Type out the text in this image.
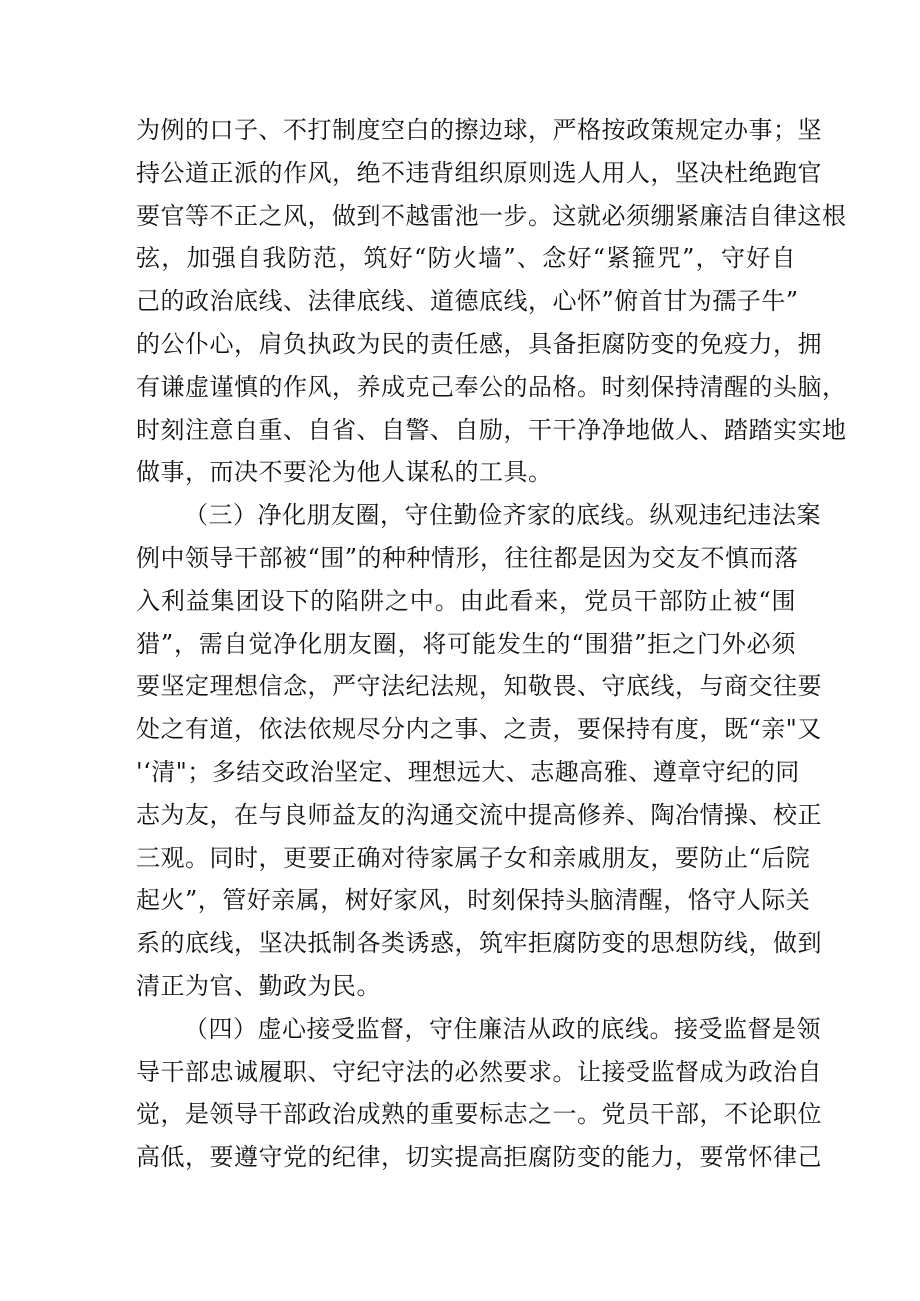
为例的口子、不打制度空白的擦边球，严格按政策规定办事；坚
持公道正派的作风，绝不违背组织原则选人用人，坚决杜绝跑官
要官等不正之风，做到不越雷池一步。这就必须绷紧廉洁自律这根
弦，加强自我防范，筑好“防火墙”、念好“紧箍咒”，守好自
己的政治底线、法律底线、道德底线，心怀”俯首甘为孺子牛”
的公仆心，肩负执政为民的责任感，具备拒腐防变的免疫力，拥
有谦虚谨慎的作风，养成克己奉公的品格。时刻保持清醒的头脑，
时刻注意自重、自省、自警、自励，干干净净地做人、踏踏实实地
做事，而决不要沦为他人谋私的工具。
（三）净化朋友圈，守住勤俭齐家的底线。纵观违纪违法案
例中领导干部被“围”的种种情形，往往都是因为交友不慎而落
入利益集团设下的陷阱之中。由此看来，党员干部防止被“围
猎”，需自觉净化朋友圈，将可能发生的“围猎”拒之门外必须
要坚定理想信念，严守法纪法规，知敬畏、守底线，与商交往要
处之有道，依法依规尽分内之事、之责，要保持有度，既“亲"又
'‘清"；多结交政治坚定、理想远大、志趣高雅、遵章守纪的同
志为友，在与良师益友的沟通交流中提高修养、陶冶情操、校正
三观。同时，更要正确对待家属子女和亲戚朋友，要防止“后院
起火”，管好亲属，树好家风，时刻保持头脑清醒，恪守人际关
系的底线，坚决抵制各类诱惑，筑牢拒腐防变的思想防线，做到
清正为官、勤政为民。
（四）虚心接受监督，守住廉洁从政的底线。接受监督是领
导干部忠诚履职、守纪守法的必然要求。让接受监督成为政治自
觉，是领导干部政治成熟的重要标志之一。党员干部，不论职位
高低，要遵守党的纪律，切实提高拒腐防变的能力，要常怀律己
